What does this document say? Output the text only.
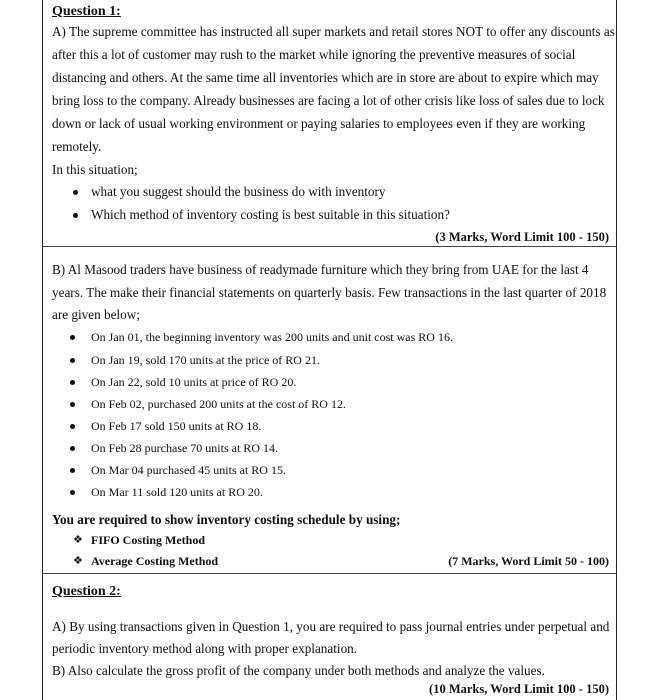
Question 1:
A) The supreme committee has instructed all super markets and retail stores NOT to offer any discounts as
after this a lot of customer may rush to the market while ignoring the preventive measures of social
distancing and others. At the same time all inventories which are in store are about to expire which may
bring loss to the company. Already businesses are facing a lot of other crisis like loss of sales due to lock
down or lack of usual working environment or paying salaries to employees even if they are working
remotely.
In this situation;
what you suggest should the business do with inventory
Which method of inventory costing is best suitable in this situation?
(3 Marks, Word Limit 100 - 150)
B) Al Masood traders have business of readymade furniture which they bring from UAE for the last 4
years. The make their financial statements on quarterly basis. Few transactions in the last quarter of 2018
are given below;
On Jan 01, the beginning inventory was 200 units and unit cost was RO 16.
On Jan 19, sold 170 units at the price of RO 21.
On Jan 22, sold 10 units at price of RO 20.
On Feb 02, purchased 200 units at the cost of RO 12.
On Feb 17 sold 150 units at RO 18.
On Feb 28 purchase 70 units at RO 14.
On Mar 04 purchased 45 units at RO 15.
On Mar 11 sold 120 units at RO 20.
You are required to show inventory costing schedule by using;
❖ FIFO Costing Method
❖ Average Costing Method	(7 Marks, Word Limit 50 - 100)
Question 2:
A) By using transactions given in Question 1, you are required to pass journal entries under perpetual and
periodic inventory method along with proper explanation.
B) Also calculate the gross profit of the company under both methods and analyze the values.
(10 Marks, Word Limit 100 - 150)
